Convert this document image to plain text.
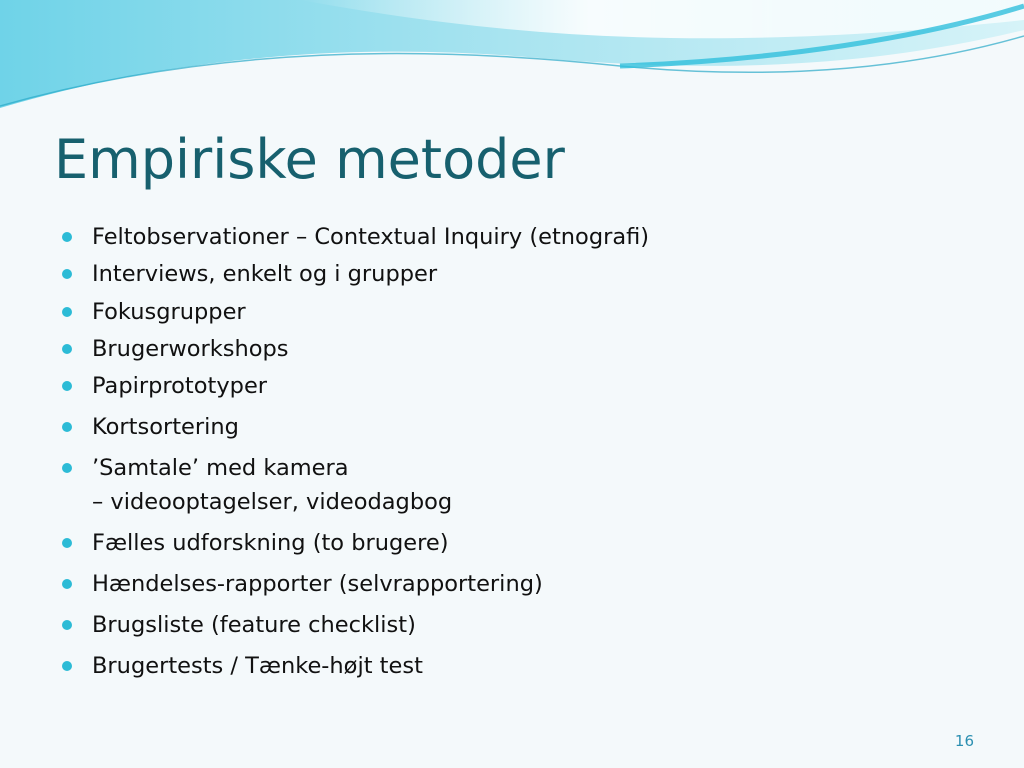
Empiriske metoder
Feltobservationer – Contextual Inquiry (etnografi)
Interviews, enkelt og i grupper
Fokusgrupper
Brugerworkshops
Papirprototyper
Kortsortering
’Samtale’ med kamera
– videooptagelser, videodagbog
Fælles udforskning (to brugere)
Hændelses-rapporter (selvrapportering)
Brugsliste (feature checklist)
Brugertests / Tænke-højt test
16
